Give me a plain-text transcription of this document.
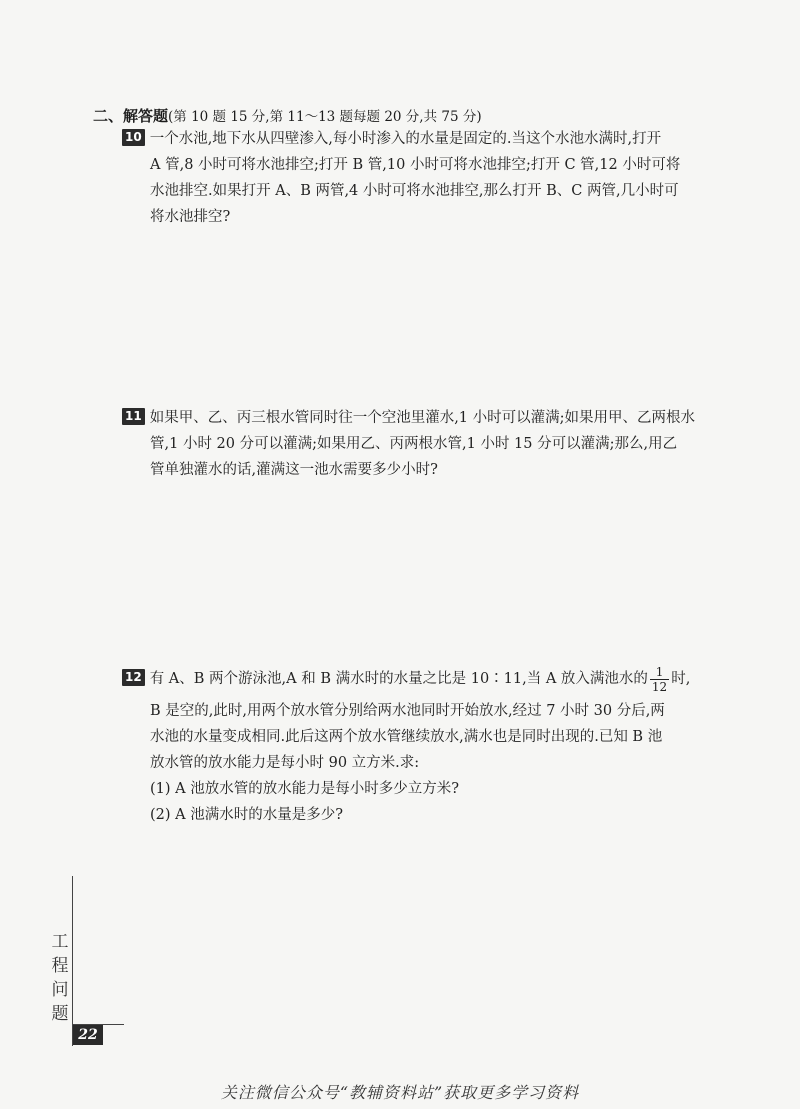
二、解答题(第 10 题 15 分,第 11～13 题每题 20 分,共 75 分)
10 一个水池,地下水从四壁渗入,每小时渗入的水量是固定的.当这个水池水满时,打开
A 管,8 小时可将水池排空;打开 B 管,10 小时可将水池排空;打开 C 管,12 小时可将
水池排空.如果打开 A、B 两管,4 小时可将水池排空,那么打开 B、C 两管,几小时可
将水池排空?
11 如果甲、乙、丙三根水管同时往一个空池里灌水,1 小时可以灌满;如果用甲、乙两根水
管,1 小时 20 分可以灌满;如果用乙、丙两根水管,1 小时 15 分可以灌满;那么,用乙
管单独灌水的话,灌满这一池水需要多少小时?
12 有 A、B 两个游泳池,A 和 B 满水时的水量之比是 10∶11,当 A 放入满池水的 $\frac{1}{12}$ 时,
B 是空的,此时,用两个放水管分别给两水池同时开始放水,经过 7 小时 30 分后,两
水池的水量变成相同.此后这两个放水管继续放水,满水也是同时出现的.已知 B 池
放水管的放水能力是每小时 90 立方米.求:
(1) A 池放水管的放水能力是每小时多少立方米?
(2) A 池满水时的水量是多少?
工
程
问
题
22
关注微信公众号“教辅资料站”获取更多学习资料
